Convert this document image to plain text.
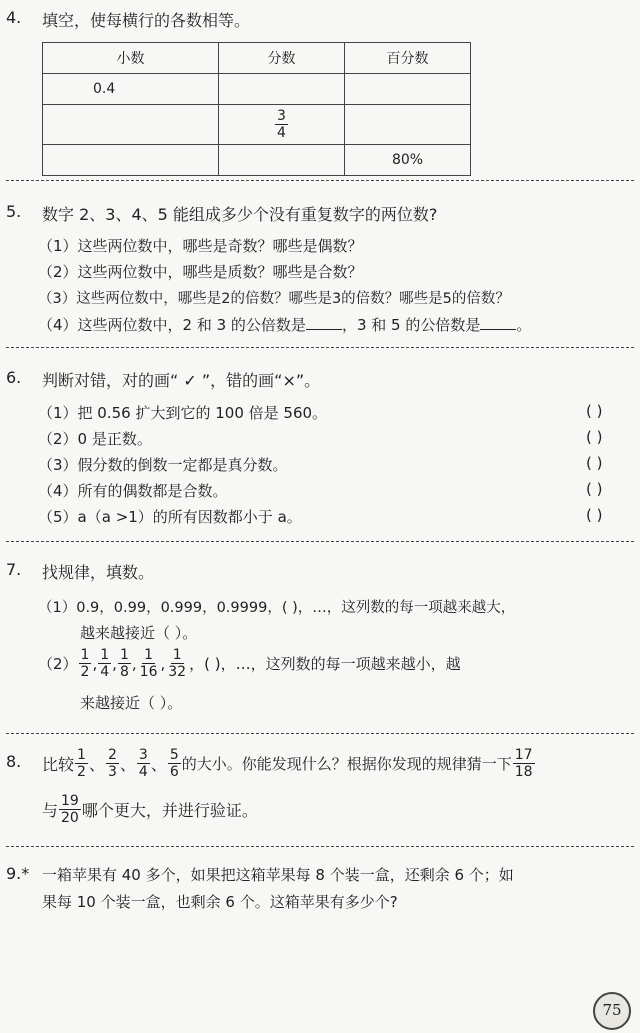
4. 填空，使每横行的各数相等。
小数	分数	百分数
0.4		

	$\frac{3}{4}$

		80%
5. 数字 2、3、4、5 能组成多少个没有重复数字的两位数?
（1）这些两位数中，哪些是奇数？哪些是偶数？
（2）这些两位数中，哪些是质数？哪些是合数？
（3）这些两位数中，哪些是2的倍数？哪些是3的倍数？哪些是5的倍数？
（4）这些两位数中，2 和 3 的公倍数是 ，3 和 5 的公倍数是 。
6. 判断对错，对的画“ ✓ ”，错的画“×”。
（1）把 0.56 扩大到它的 100 倍是 560。	( )
（2）0 是正数。	( )
（3）假分数的倒数一定都是真分数。	( )
（4）所有的偶数都是合数。	( )
（5）a（a >1）的所有因数都小于 a。	( )
7. 找规律，填数。
（1）0.9，0.99，0.999，0.9999，( )，…，这列数的每一项越来越大，
越来越接近（ ）。
$(2) \frac{1}{2}$ , $\frac{1}{4}$ , $\frac{1}{8}$ , $\frac{1}{16}$ , $\frac{1}{32}$ ，( )，…，这列数的每一项越来越小，越
来越接近（ ）。
8. 比较 $\frac{1}{2}$ 、 $\frac{2}{3}$ 、 $\frac{3}{4}$ 、 $\frac{5}{6}$ 的大小。你能发现什么？根据你发现的规律猜一下 $\frac{17}{18}$
与 $\frac{19}{20}$ 哪个更大，并进行验证。
9.* 一箱苹果有 40 多个，如果把这箱苹果每 8 个装一盒，还剩余 6 个；如
果每 10 个装一盒，也剩余 6 个。这箱苹果有多少个?
75
